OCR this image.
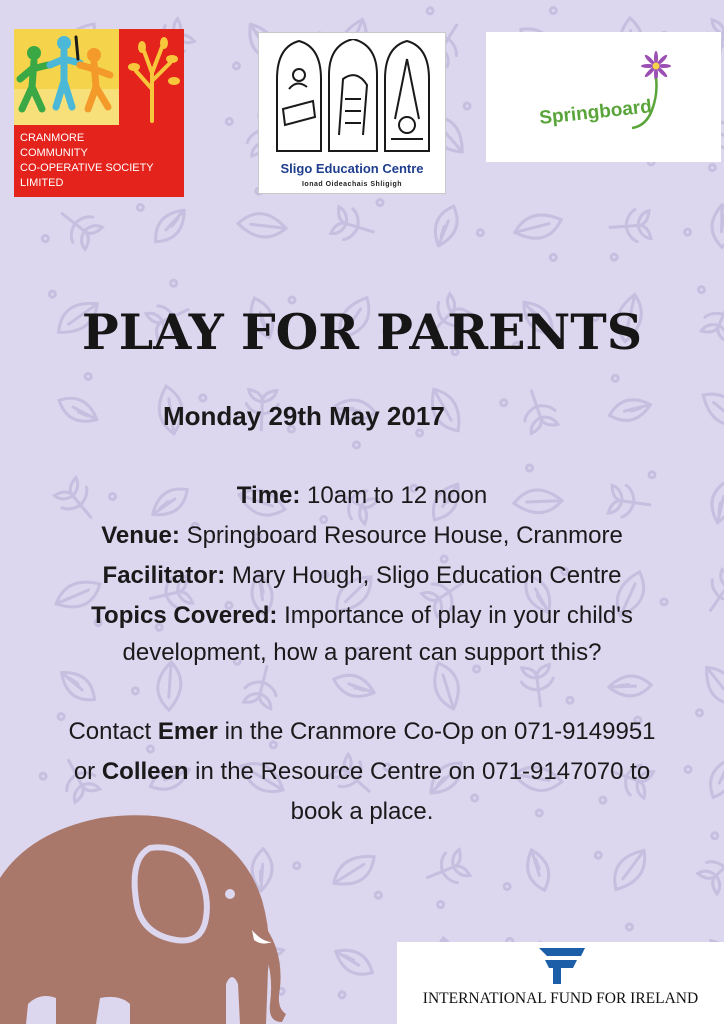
CRANMORE
COMMUNITY
CO-OPERATIVE SOCIETY
LIMITED
Sligo Education Centre
Ionad Oideachais Shligigh
Springboard
PLAY FOR PARENTS
Monday 29th May 2017
Time: 10am to 12 noon
Venue: Springboard Resource House, Cranmore
Facilitator: Mary Hough, Sligo Education Centre
Topics Covered: Importance of play in your child's
development, how a parent can support this?
Contact Emer in the Cranmore Co-Op on 071-9149951
or Colleen in the Resource Centre on 071-9147070 to
book a place.
INTERNATIONAL FUND FOR IRELAND
